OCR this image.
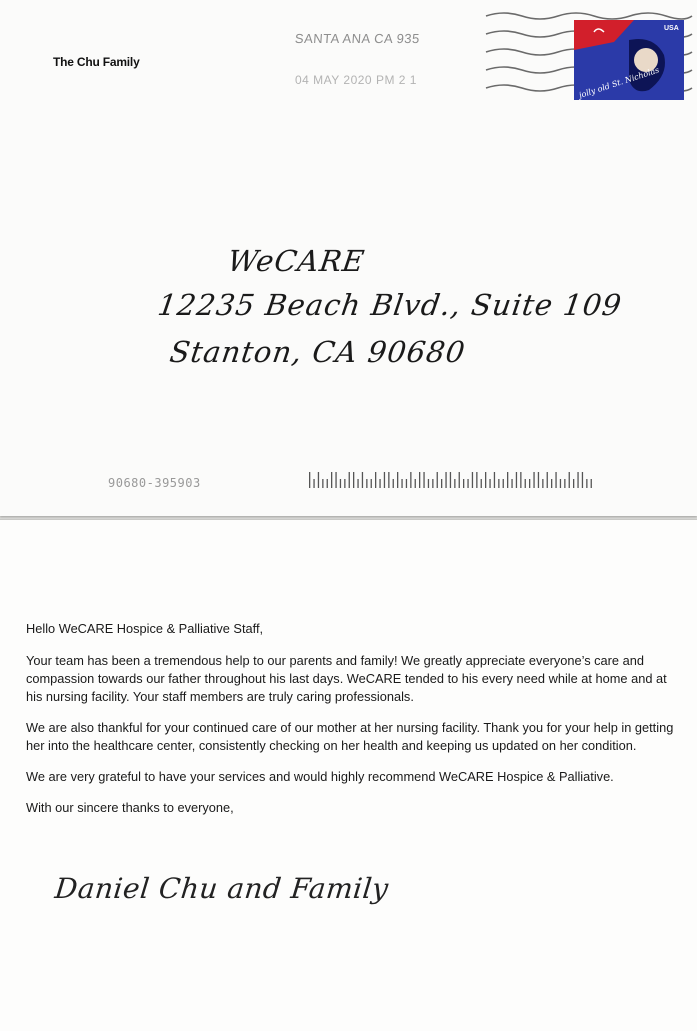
The Chu Family
SANTA ANA CA 935
04 MAY 2020 PM 2 1
USA
jolly old St. Nicholas
WeCARE
12235 Beach Blvd., Suite 109
Stanton, CA 90680
90680-395903

Hello WeCARE Hospice & Palliative Staff,

Your team has been a tremendous help to our parents and family! We greatly appreciate everyone’s care and compassion towards our father throughout his last days. WeCARE tended to his every need while at home and at his nursing facility. Your staff members are truly caring professionals.

We are also thankful for your continued care of our mother at her nursing facility. Thank you for your help in getting her into the healthcare center, consistently checking on her health and keeping us updated on her condition.

We are very grateful to have your services and would highly recommend WeCARE Hospice & Palliative.

With our sincere thanks to everyone,

Daniel Chu and Family
